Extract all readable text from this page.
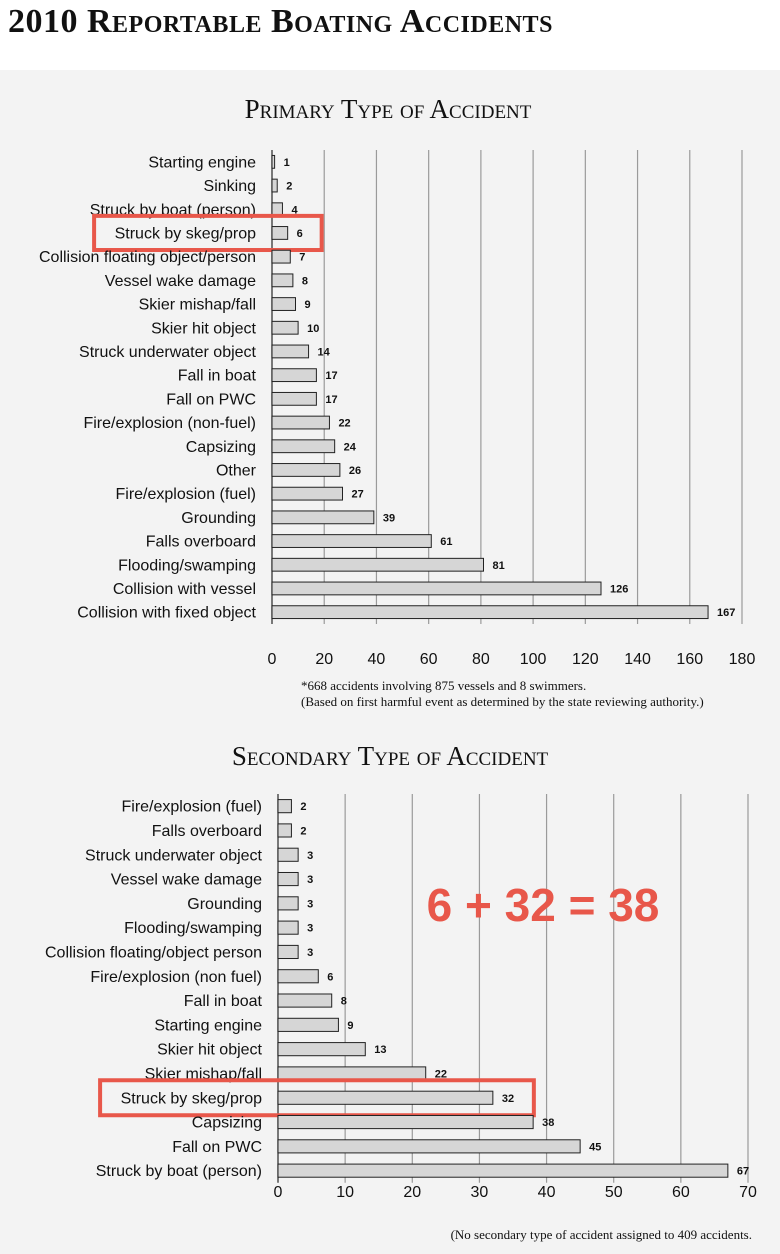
2010 Reportable Boating Accidents
Primary Type of Accident
0 20 40 60 80 100 120 140 160 180
Starting engine	1
Sinking	2
Struck by boat (person)	4
Struck by skeg/prop	6
Collision floating object/person	7
Vessel wake damage	8
Skier mishap/fall	9
Skier hit object	10
Struck underwater object	14
Fall in boat	17
Fall on PWC	17
Fire/explosion (non-fuel)	22
Capsizing	24
Other	26
Fire/explosion (fuel)	27
Grounding	39
Falls overboard	61
Flooding/swamping	81
Collision with vessel	126
Collision with fixed object	167
*668 accidents involving 875 vessels and 8 swimmers.
(Based on first harmful event as determined by the state reviewing authority.)
Secondary Type of Accident
0	10	20	30	40	50	60	70
Fire/explosion (fuel)	2
Falls overboard	2
Struck underwater object	3
Vessel wake damage	3
Grounding	3
Flooding/swamping	3
Collision floating/object person	3
Fire/explosion (non fuel)	6
Fall in boat	8
Starting engine	9
Skier hit object	13
Skier mishap/fall	22
Struck by skeg/prop	32
Capsizing	38
Fall on PWC	45
Struck by boat (person)	67
(No secondary type of accident assigned to 409 accidents.
6 + 32 = 38
